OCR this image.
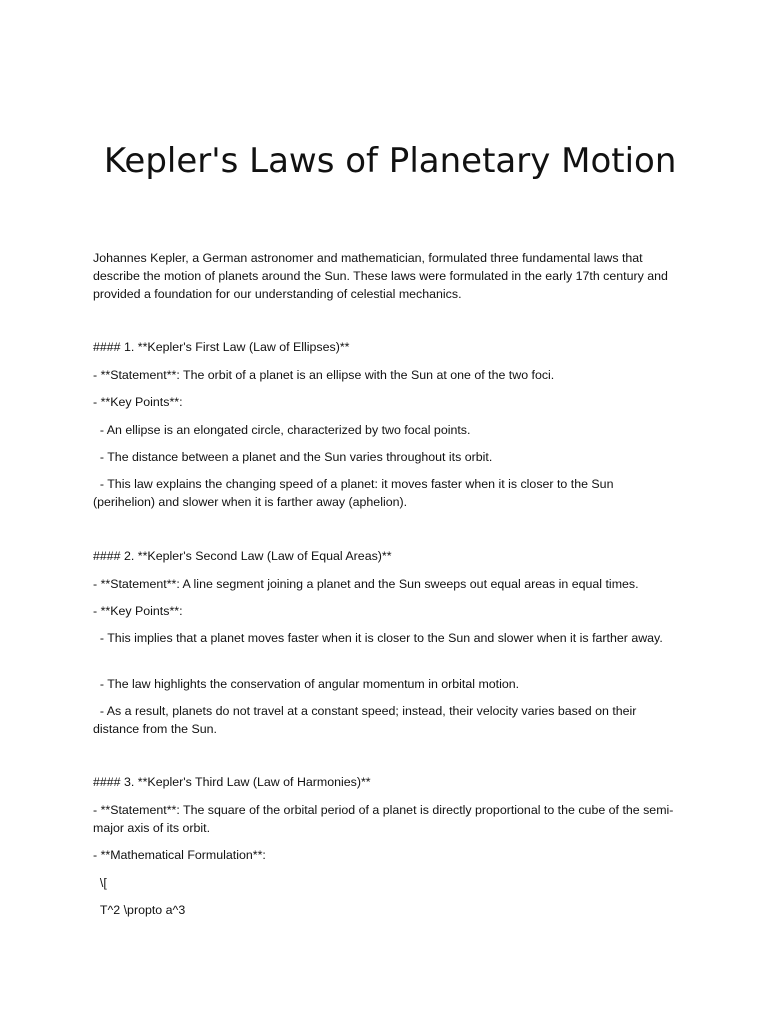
Kepler's Laws of Planetary Motion

Johannes Kepler, a German astronomer and mathematician, formulated three fundamental laws that describe the motion of planets around the Sun. These laws were formulated in the early 17th century and provided a foundation for our understanding of celestial mechanics.

#### 1. **Kepler's First Law (Law of Ellipses)**

- **Statement**: The orbit of a planet is an ellipse with the Sun at one of the two foci.

- **Key Points**:

- An ellipse is an elongated circle, characterized by two focal points.

- The distance between a planet and the Sun varies throughout its orbit.

- This law explains the changing speed of a planet: it moves faster when it is closer to the Sun (perihelion) and slower when it is farther away (aphelion).

#### 2. **Kepler's Second Law (Law of Equal Areas)**

- **Statement**: A line segment joining a planet and the Sun sweeps out equal areas in equal times.

- **Key Points**:

- This implies that a planet moves faster when it is closer to the Sun and slower when it is farther away.

- The law highlights the conservation of angular momentum in orbital motion.

- As a result, planets do not travel at a constant speed; instead, their velocity varies based on their distance from the Sun.

#### 3. **Kepler's Third Law (Law of Harmonies)**

- **Statement**: The square of the orbital period of a planet is directly proportional to the cube of the semi-major axis of its orbit.

- **Mathematical Formulation**:

\[

T^2 \propto a^3
